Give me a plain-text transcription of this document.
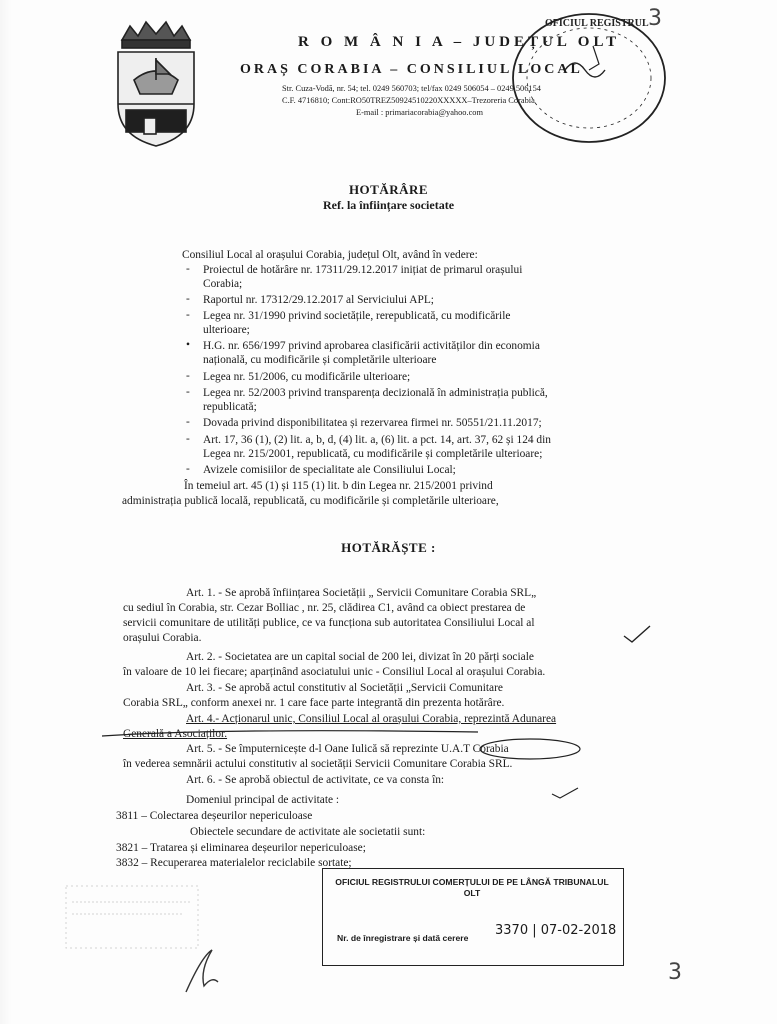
R O M Â N I A – JUDEȚUL OLT
ORAȘ CORABIA – CONSILIUL LOCAL
Str. Cuza-Vodă, nr. 54; tel. 0249 560703; tel/fax 0249 506054 – 0249 506154
C.F. 4716810; Cont:RO50TREZ50924510220XXXXX–Trezoreria Corabia
E-mail : primariacorabia@yahoo.com
OFICIUL REGISTRUL 3
HOTĂRÂRE
Ref. la înființare societate
Consiliul Local al orașului Corabia, județul Olt, având în vedere:
- Proiectul de hotărâre nr. 17311/29.12.2017 inițiat de primarul orașului
Corabia;
- Raportul nr. 17312/29.12.2017 al Serviciului APL;
- Legea nr. 31/1990 privind societățile, rerepublicată, cu modificările
ulterioare;
• H.G. nr. 656/1997 privind aprobarea clasificării activităților din economia
națională, cu modificările și completările ulterioare
- Legea nr. 51/2006, cu modificările ulterioare;
- Legea nr. 52/2003 privind transparența decizională în administrația publică,
republicată;
- Dovada privind disponibilitatea și rezervarea firmei nr. 50551/21.11.2017;
- Art. 17, 36 (1), (2) lit. a, b, d, (4) lit. a, (6) lit. a pct. 14, art. 37, 62 și 124 din
Legea nr. 215/2001, republicată, cu modificările și completările ulterioare;
- Avizele comisiilor de specialitate ale Consiliului Local;
În temeiul art. 45 (1) și 115 (1) lit. b din Legea nr. 215/2001 privind
administrația publică locală, republicată, cu modificările și completările ulterioare,
HOTĂRĂȘTE :
Art. 1. - Se aprobă înființarea Societății „ Servicii Comunitare Corabia SRL„
cu sediul în Corabia, str. Cezar Bolliac , nr. 25, clădirea C1, având ca obiect prestarea de
servicii comunitare de utilități publice, ce va funcționa sub autoritatea Consiliului Local al
orașului Corabia.
Art. 2. - Societatea are un capital social de 200 lei, divizat în 20 părți sociale
în valoare de 10 lei fiecare; aparținând asociatului unic - Consiliul Local al orașului Corabia.
Art. 3. - Se aprobă actul constitutiv al Societății „Servicii Comunitare
Corabia SRL„ conform anexei nr. 1 care face parte integrantă din prezenta hotărâre.
Art. 4.- Acționarul unic, Consiliul Local al orașului Corabia, reprezintă Adunarea
Generală a Asociaților.
Art. 5. - Se împuternicește d-l Oane Iulică să reprezinte U.A.T Corabia
în vederea semnării actului constitutiv al societății Servicii Comunitare Corabia SRL.
Art. 6. - Se aprobă obiectul de activitate, ce va consta în:
Domeniul principal de activitate :
3811 – Colectarea deșeurilor nepericuloase
Obiectele secundare de activitate ale societatii sunt:
3821 – Tratarea și eliminarea deșeurilor nepericuloase;
3832 – Recuperarea materialelor reciclabile sortate;
OFICIUL REGISTRULUI COMERȚULUI DE PE LÂNGĂ TRIBUNALUL OLT
Nr. de înregistrare și dată cerere 3370 | 07-02-2018
3
